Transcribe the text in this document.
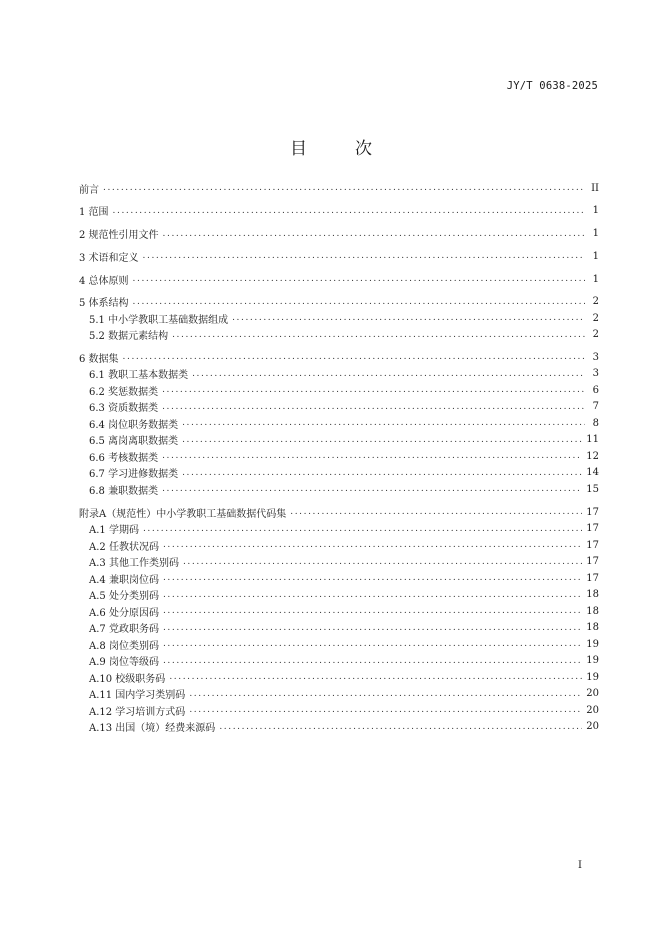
JY/T 0638-2025
目	次
前言 .....	II
1 范围 .....	1
2 规范性引用文件 .....	1
3 术语和定义 .....	1
4 总体原则 .....	1
5 体系结构 .....	2
5.1 中小学教职工基础数据组成 .....	2
5.2 数据元素结构 .....	2
6 数据集 .....	3
6.1 教职工基本数据类 .....	3
6.2 奖惩数据类 .....	6
6.3 资质数据类 .....	7
6.4 岗位职务数据类 .....	8
6.5 离岗离职数据类 .....	11
6.6 考核数据类 .....	12
6.7 学习进修数据类 .....	14
6.8 兼职数据类 .....	15
附录A（规范性）中小学教职工基础数据代码集 .....	17
A.1 学期码 .....	17
A.2 任教状况码 .....	17
A.3 其他工作类别码 .....	17
A.4 兼职岗位码 .....	17
A.5 处分类别码 .....	18
A.6 处分原因码 .....	18
A.7 党政职务码 .....	18
A.8 岗位类别码 .....	19
A.9 岗位等级码 .....	19
A.10 校级职务码 .....	19
A.11 国内学习类别码 .....	20
A.12 学习培训方式码 .....	20
A.13 出国（境）经费来源码 .....	20
I
